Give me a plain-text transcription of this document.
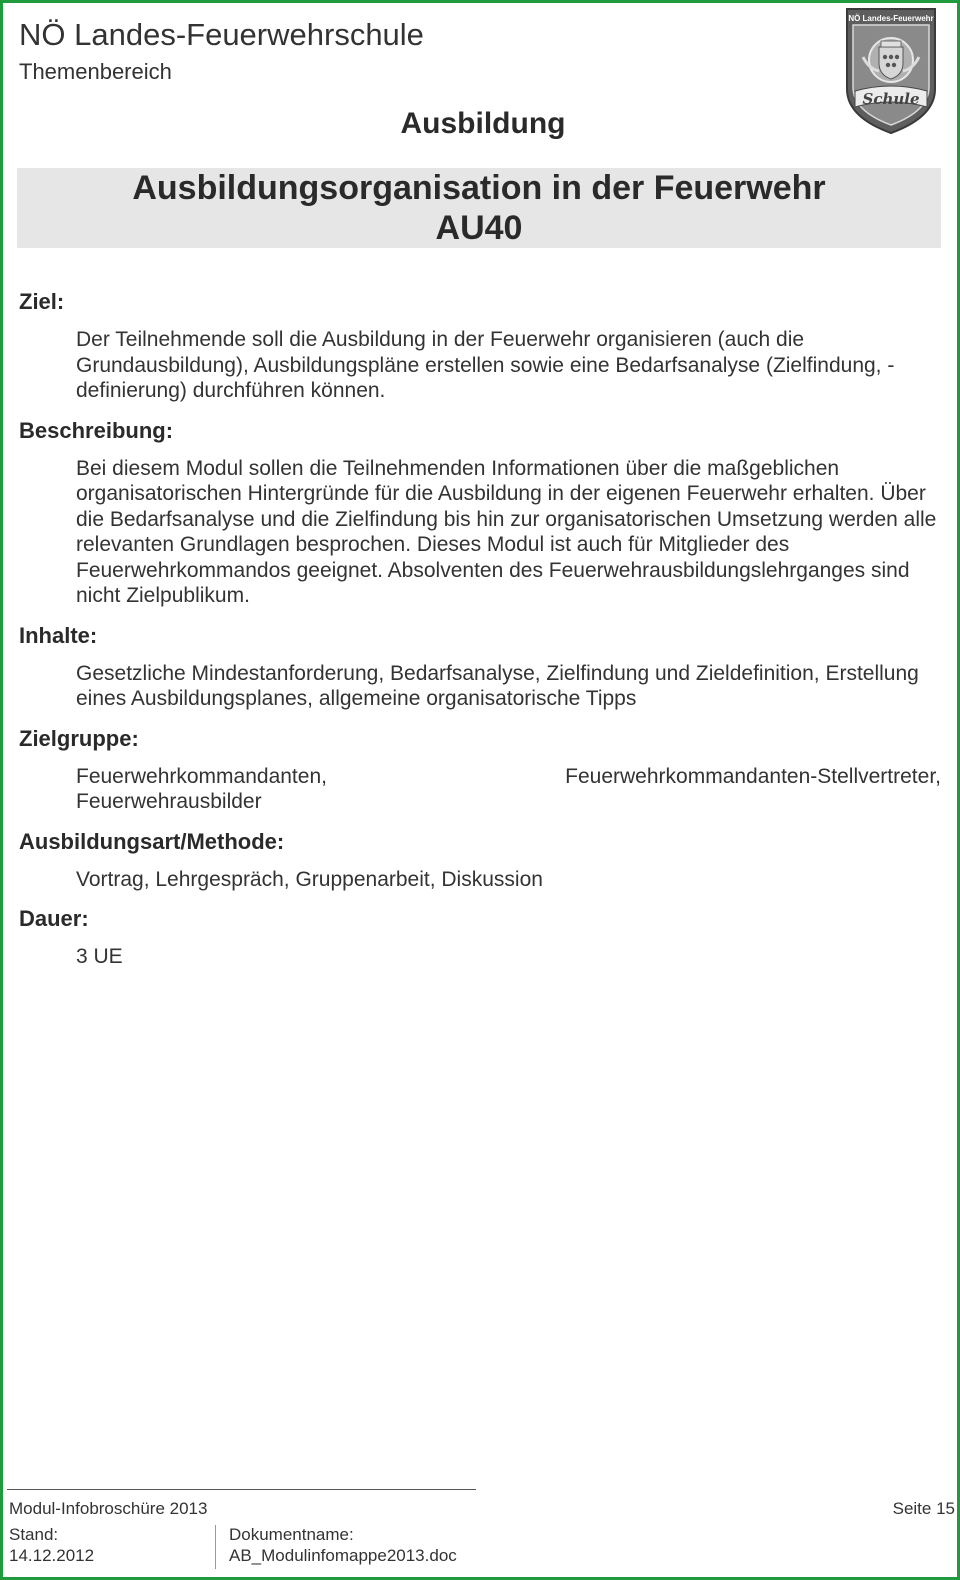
NÖ Landes-Feuerwehrschule
Themenbereich
Ausbildung
NÖ Landes-Feuerwehr
Schule
Ausbildungsorganisation in der Feuerwehr
AU40
Ziel:
Der Teilnehmende soll die Ausbildung in der Feuerwehr organisieren (auch die Grundausbildung), Ausbildungspläne erstellen sowie eine Bedarfsanalyse (Zielfindung, -definierung) durchführen können.
Beschreibung:
Bei diesem Modul sollen die Teilnehmenden Informationen über die maßgeblichen organisatorischen Hintergründe für die Ausbildung in der eigenen Feuerwehr erhalten. Über die Bedarfsanalyse und die Zielfindung bis hin zur organisatorischen Umsetzung werden alle relevanten Grundlagen besprochen. Dieses Modul ist auch für Mitglieder des Feuerwehrkommandos geeignet. Absolventen des Feuerwehrausbildungslehrganges sind nicht Zielpublikum.
Inhalte:
Gesetzliche Mindestanforderung, Bedarfsanalyse, Zielfindung und Zieldefinition, Erstellung eines Ausbildungsplanes, allgemeine organisatorische Tipps
Zielgruppe:
Feuerwehrkommandanten,	Feuerwehrkommandanten-Stellvertreter,
Feuerwehrausbilder
Ausbildungsart/Methode:
Vortrag, Lehrgespräch, Gruppenarbeit, Diskussion
Dauer:
3 UE
Modul-Infobroschüre 2013	Seite 15
Stand:
14.12.2012
Dokumentname:
AB_Modulinfomappe2013.doc
